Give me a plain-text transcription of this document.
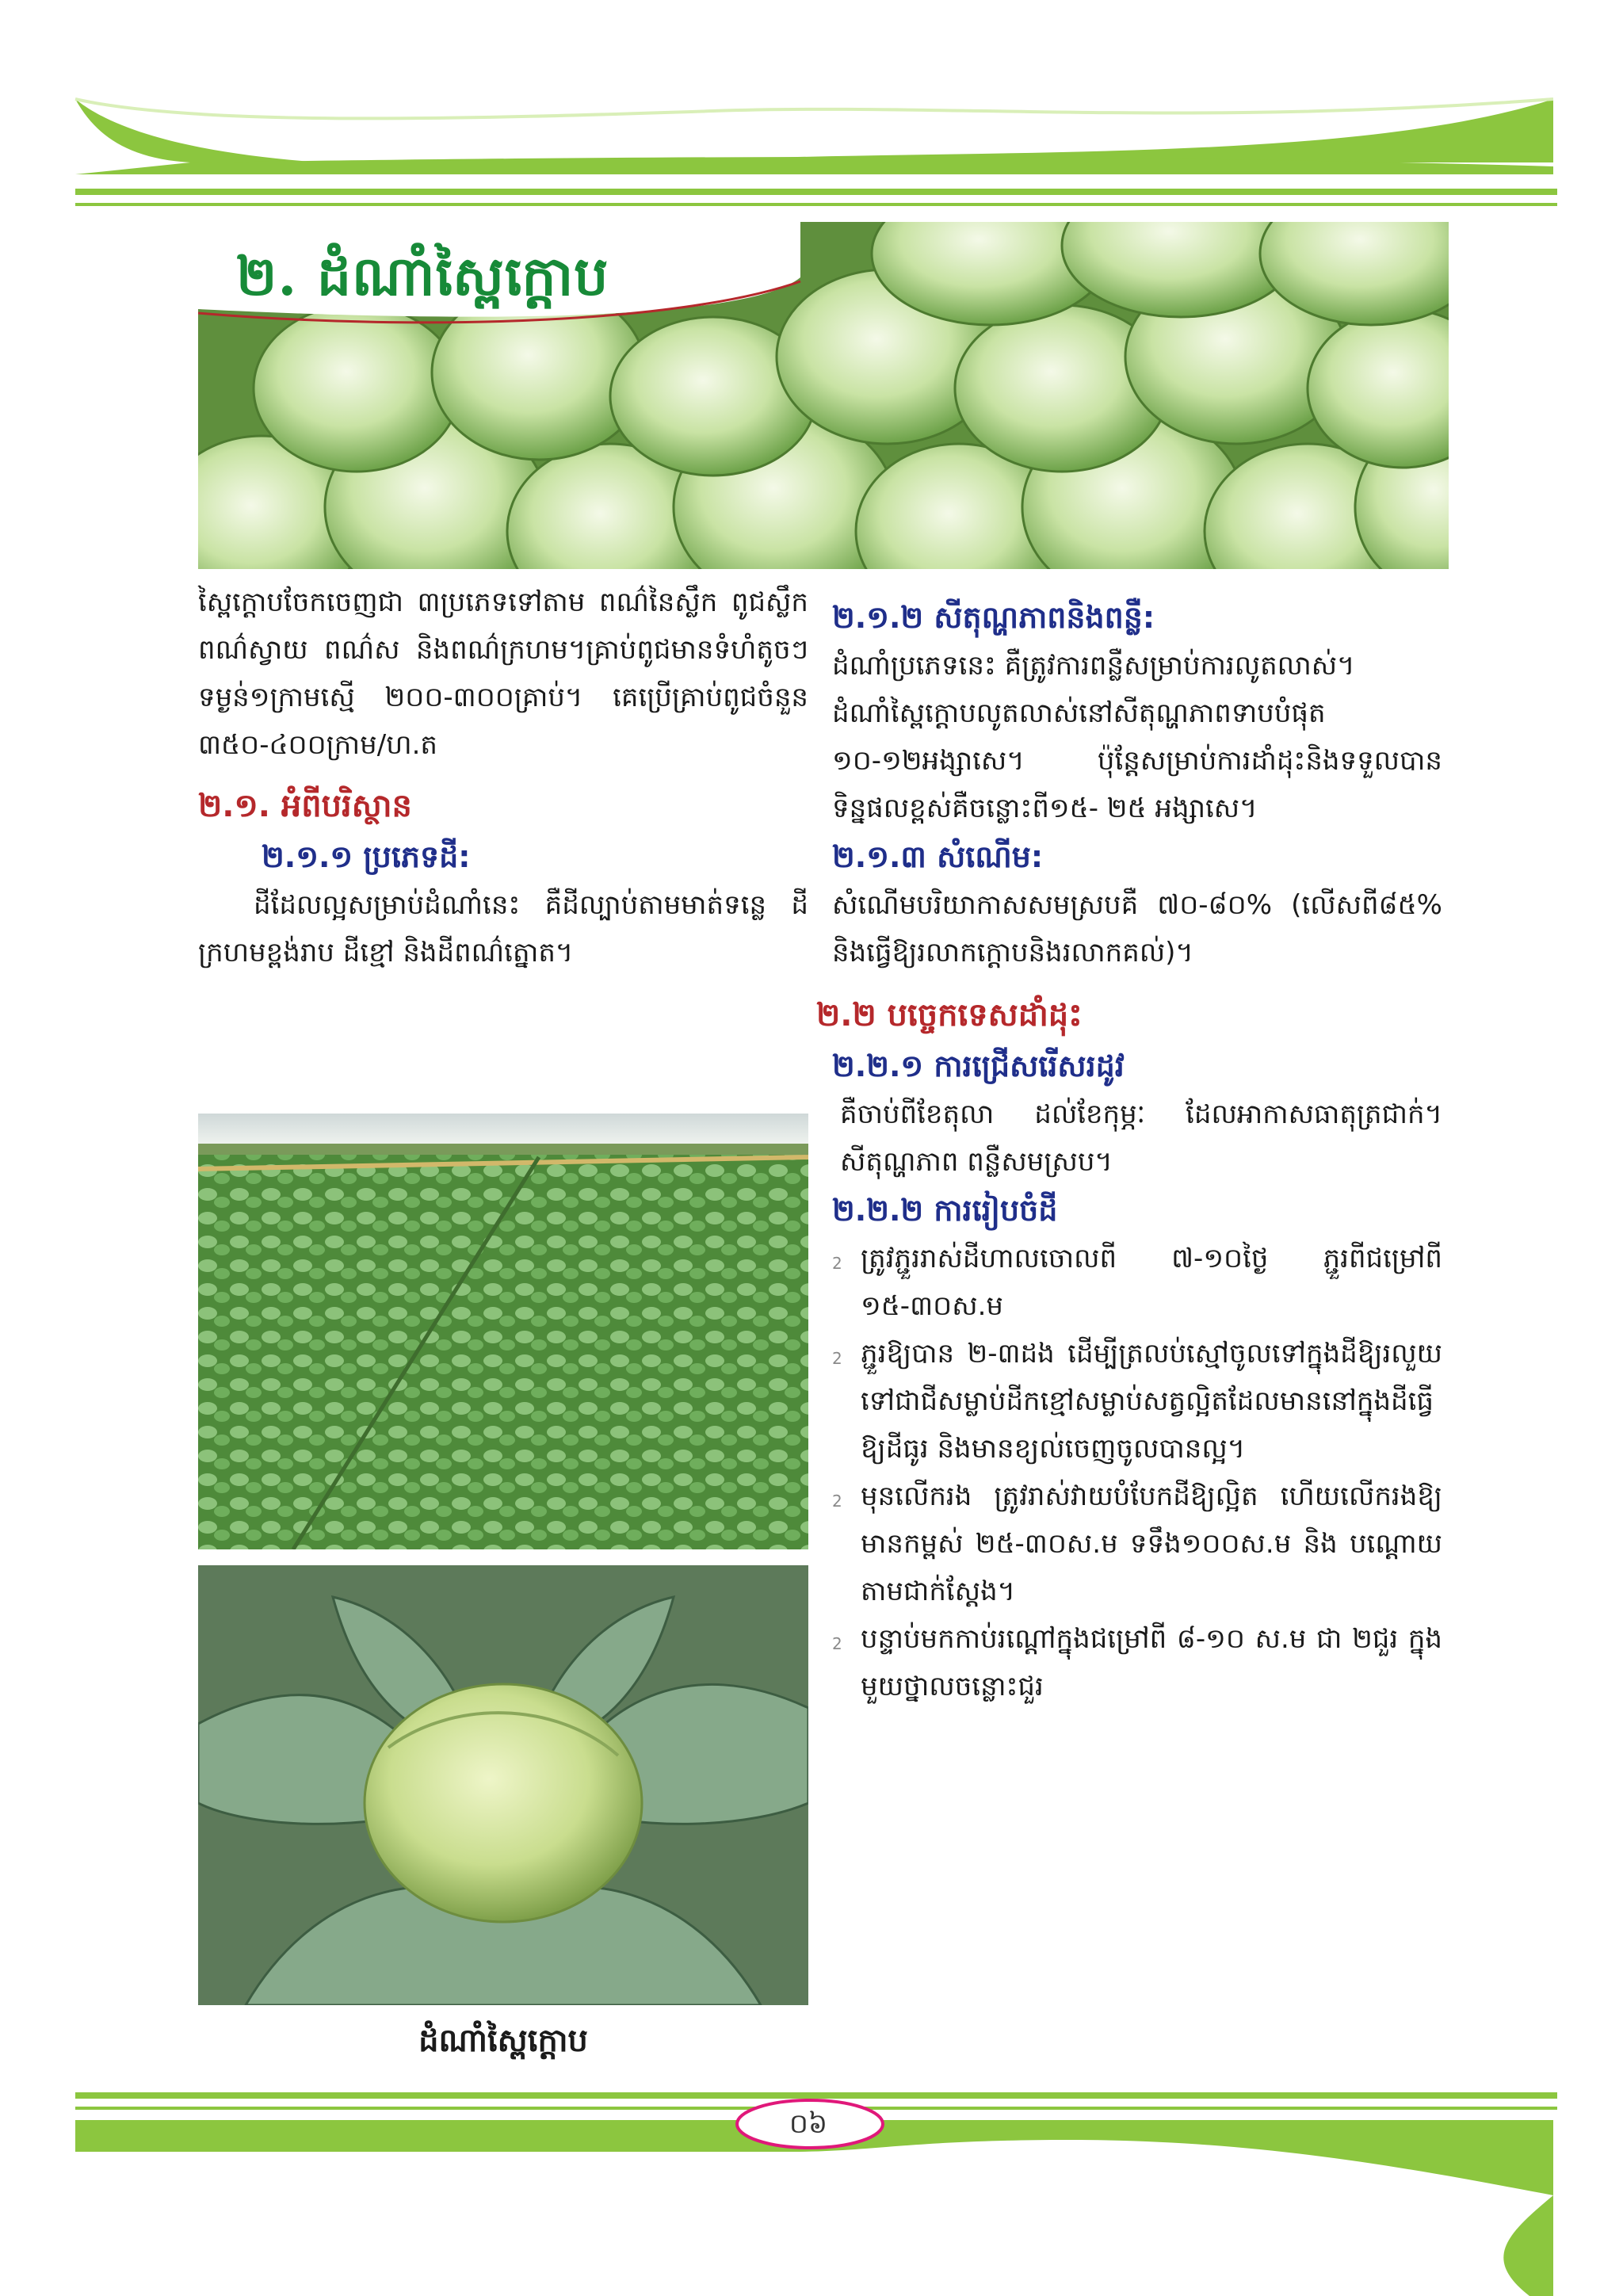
២. ដំណាំស្ពៃក្ដោប

ស្ពៃក្ដោបចែកចេញជា ៣ប្រភេទទៅតាម ពណ៌នៃស្លឹក ពូជស្លឹកពណ៌ស្វាយ ពណ៌ស និងពណ៌ក្រហម។គ្រាប់ពូជមានទំហំតូចៗ ទម្ងន់១ក្រាមស្មើ ២០០-៣០០គ្រាប់។ គេប្រើគ្រាប់ពូជចំនួន ៣៥០-៤០០ក្រាម/ហ.ត

២.១. អំពីបរិស្ថាន

២.១.១ ប្រភេទដី:

ដីដែលល្អសម្រាប់ដំណាំនេះ គឺដីល្បាប់តាមមាត់ទន្លេ ដីក្រហមខ្ពង់រាប ដីខ្មៅ និងដីពណ៌ត្នោត។

ដំណាំស្ពៃក្ដោប

២.១.២ សីតុណ្ហភាពនិងពន្លឺ:

ដំណាំប្រភេទនេះ គឺត្រូវការពន្លឺសម្រាប់ការលូតលាស់។

ដំណាំស្ពៃក្ដោបលូតលាស់នៅសីតុណ្ហភាពទាបបំផុត ១០-១២អង្សាសេ។ ប៉ុន្តែសម្រាប់ការដាំដុះនិងទទួលបានទិន្នផលខ្ពស់គឺចន្លោះពី១៥- ២៥ អង្សាសេ។

២.១.៣ សំណើម:

សំណើមបរិយាកាសសមស្របគឺ ៧០-៨០% (លើសពី៨៥% និងធ្វើឱ្យរលាកក្ដោបនិងរលាកគល់)។

២.២ បច្ចេកទេសដាំដុះ

២.២.១ ការជ្រើសរើសរដូវ

គឺចាប់ពីខែតុលា ដល់ខែកុម្ភៈ ដែលអាកាសធាតុត្រជាក់។ សីតុណ្ហភាព ពន្លឺសមស្រប។

២.២.២ ការរៀបចំដី

2 ត្រូវភ្ជួររាស់ដីហាលចោលពី ៧-១០ថ្ងៃ ភ្ជួរពីជម្រៅពី ១៥-៣០ស.ម
2 ភ្ជួរឱ្យបាន ២-៣ដង ដើម្បីត្រលប់ស្មៅចូលទៅក្នុងដីឱ្យរលួយទៅជាជីសម្លាប់ដីកខ្មៅសម្លាប់សត្វល្អិតដែលមាននៅក្នុងដីធ្វើឱ្យដីធូរ និងមានខ្យល់ចេញចូលបានល្អ។
2 មុនលើករង ត្រូវរាស់វាយបំបែកដីឱ្យល្អិត ហើយលើករងឱ្យមានកម្ពស់ ២៥-៣០ស.ម ទទឹង១០០ស.ម និង បណ្ដោយតាមជាក់ស្ដែង។
2 បន្ទាប់មកកាប់រណ្ដៅក្នុងជម្រៅពី ៨-១០ ស.ម ជា ២ជួរ ក្នុងមួយថ្នាលចន្លោះជួរ
០៦
